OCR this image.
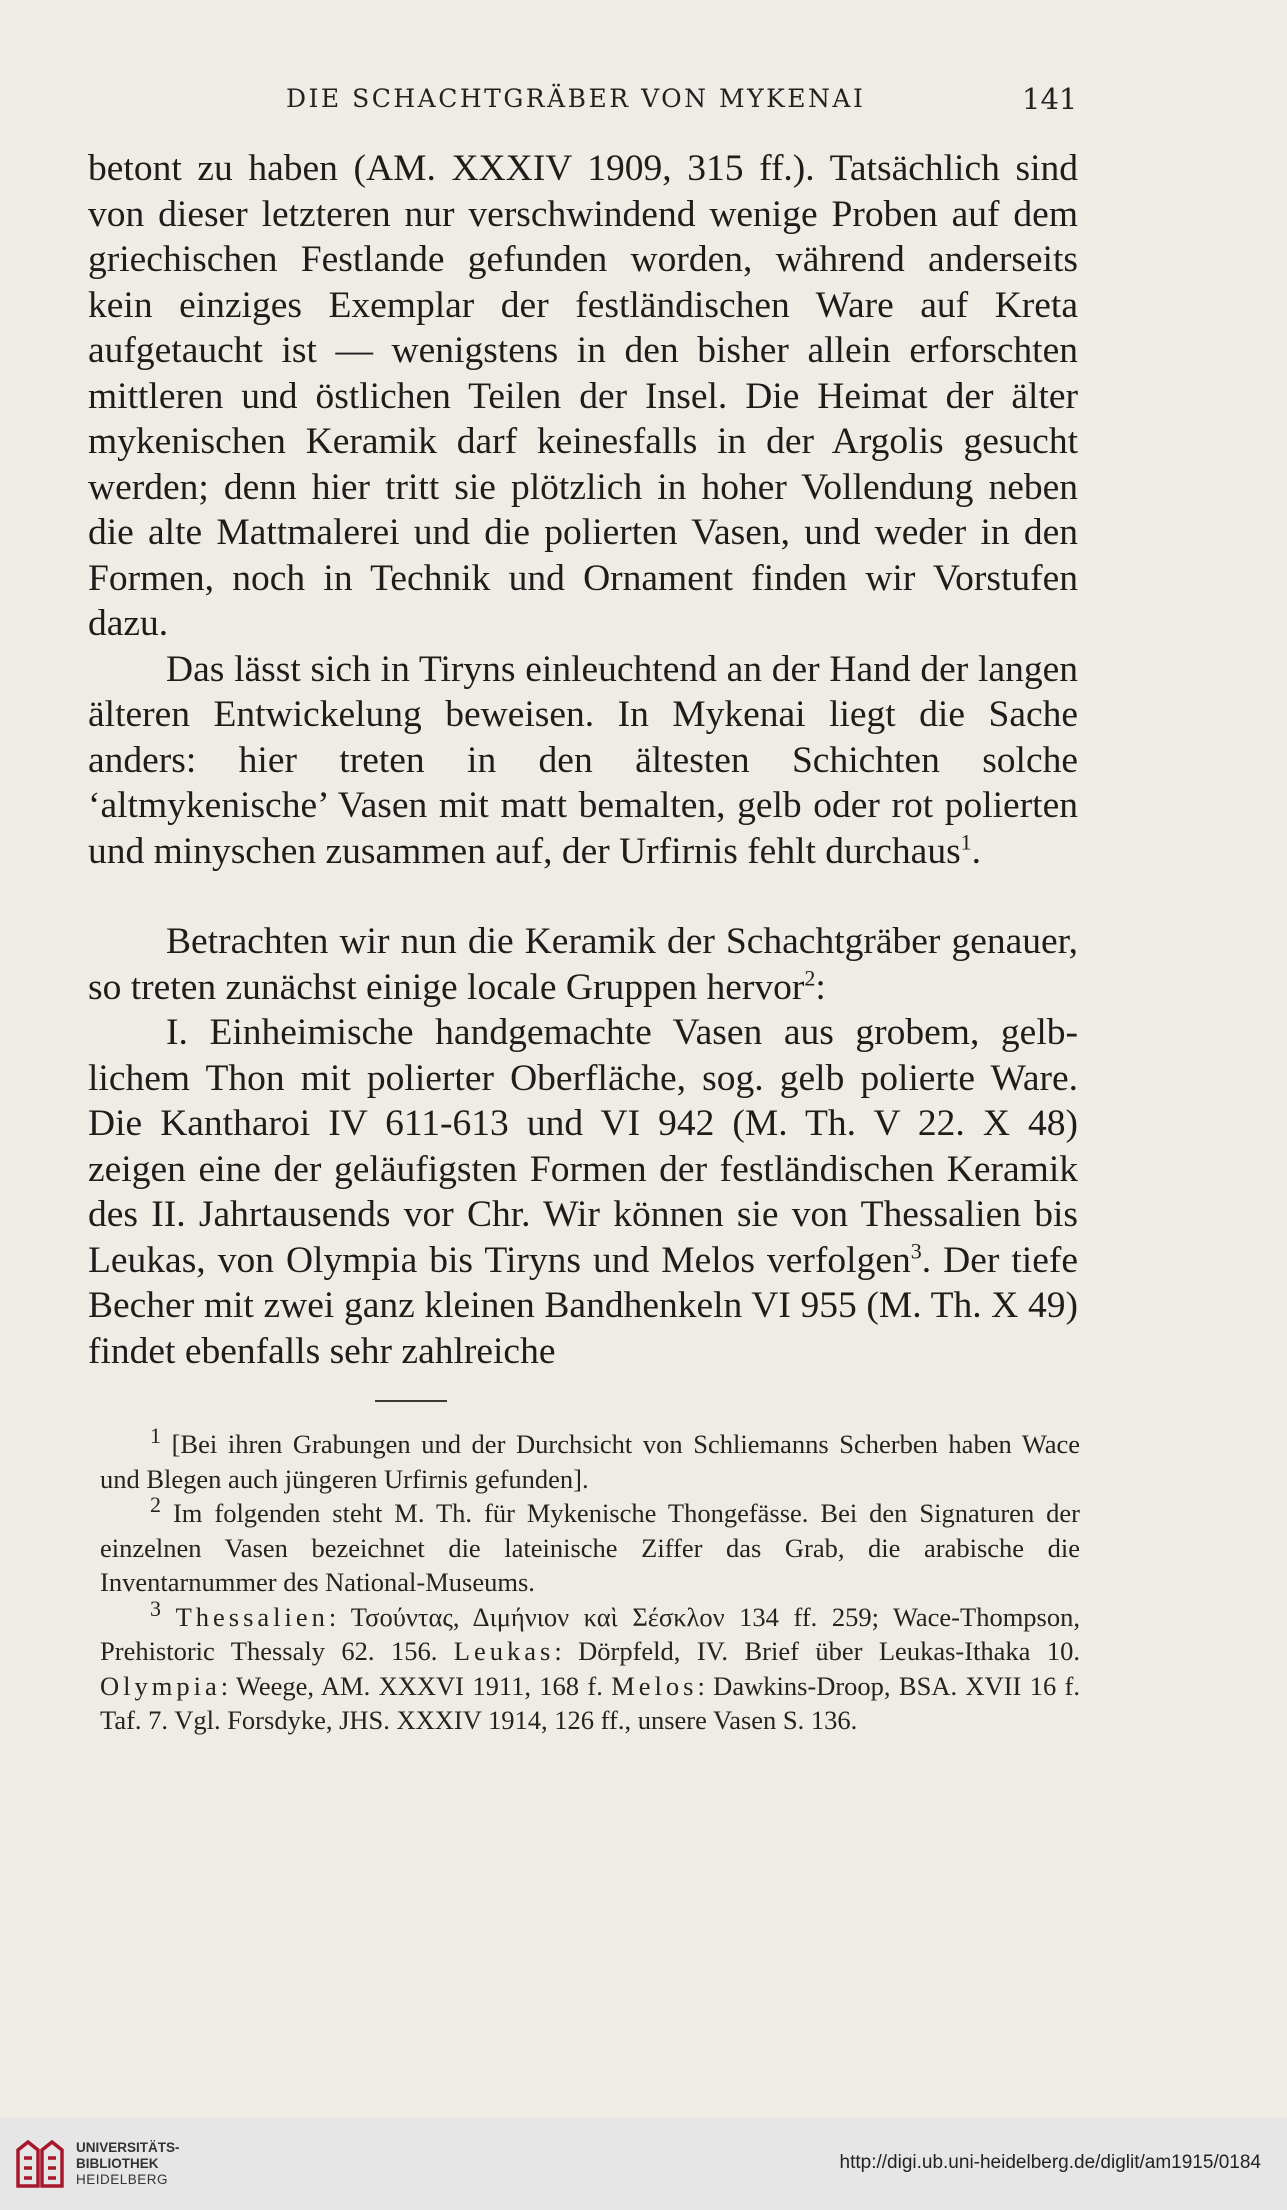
DIE SCHACHTGRÄBER VON MYKENAI	141

betont zu haben (AM. XXXIV 1909, 315 ff.). Tatsächlich sind von dieser letzteren nur verschwindend wenige Proben auf dem griechischen Festlande gefunden worden, während anderseits kein einziges Exemplar der festländischen Ware auf Kreta aufgetaucht ist — wenigstens in den bisher allein erforschten mittleren und östlichen Teilen der Insel. Die Heimat der älter mykenischen Keramik darf keinesfalls in der Argolis gesucht werden; denn hier tritt sie plötzlich in hoher Vollendung neben die alte Mattmalerei und die polierten Vasen, und weder in den Formen, noch in Technik und Ornament finden wir Vorstufen dazu.

Das lässt sich in Tiryns einleuchtend an der Hand der langen älteren Entwickelung beweisen. In Mykenai liegt die Sache anders: hier treten in den ältesten Schichten solche ‘altmykenische’ Vasen mit matt bemalten, gelb oder rot polierten und minyschen zusammen auf, der Urfirnis fehlt durchaus$^1$.

Betrachten wir nun die Keramik der Schachtgräber genauer, so treten zunächst einige locale Gruppen hervor$^2$:

I. Einheimische handgemachte Vasen aus grobem, gelblichem Thon mit polierter Oberfläche, sog. gelb polierte Ware. Die Kantharoi IV 611-613 und VI 942 (M. Th. V 22. X 48) zeigen eine der geläufigsten Formen der festländischen Keramik des II. Jahrtausends vor Chr. Wir können sie von Thessalien bis Leukas, von Olympia bis Tiryns und Melos verfolgen$^3$. Der tiefe Becher mit zwei ganz kleinen Bandhenkeln VI 955 (M. Th. X 49) findet ebenfalls sehr zahlreiche

$^1$ [Bei ihren Grabungen und der Durchsicht von Schliemanns Scherben haben Wace und Blegen auch jüngeren Urfirnis gefunden].

$^2$ Im folgenden steht M. Th. für Mykenische Thongefässe. Bei den Signaturen der einzelnen Vasen bezeichnet die lateinische Ziffer das Grab, die arabische die Inventarnummer des National-Museums.

$^3$ Thessalien: Τσούντας, Διμήνιον καὶ Σέσκλον 134 ff. 259; Wace-Thompson, Prehistoric Thessaly 62. 156. Leukas: Dörpfeld, IV. Brief über Leukas-Ithaka 10. Olympia: Weege, AM. XXXVI 1911, 168 f. Melos: Dawkins-Droop, BSA. XVII 16 f. Taf. 7. Vgl. Forsdyke, JHS. XXXIV 1914, 126 ff., unsere Vasen S. 136.

UNIVERSITÄTS-
BIBLIOTHEK
HEIDELBERG
http://digi.ub.uni-heidelberg.de/diglit/am1915/0184
